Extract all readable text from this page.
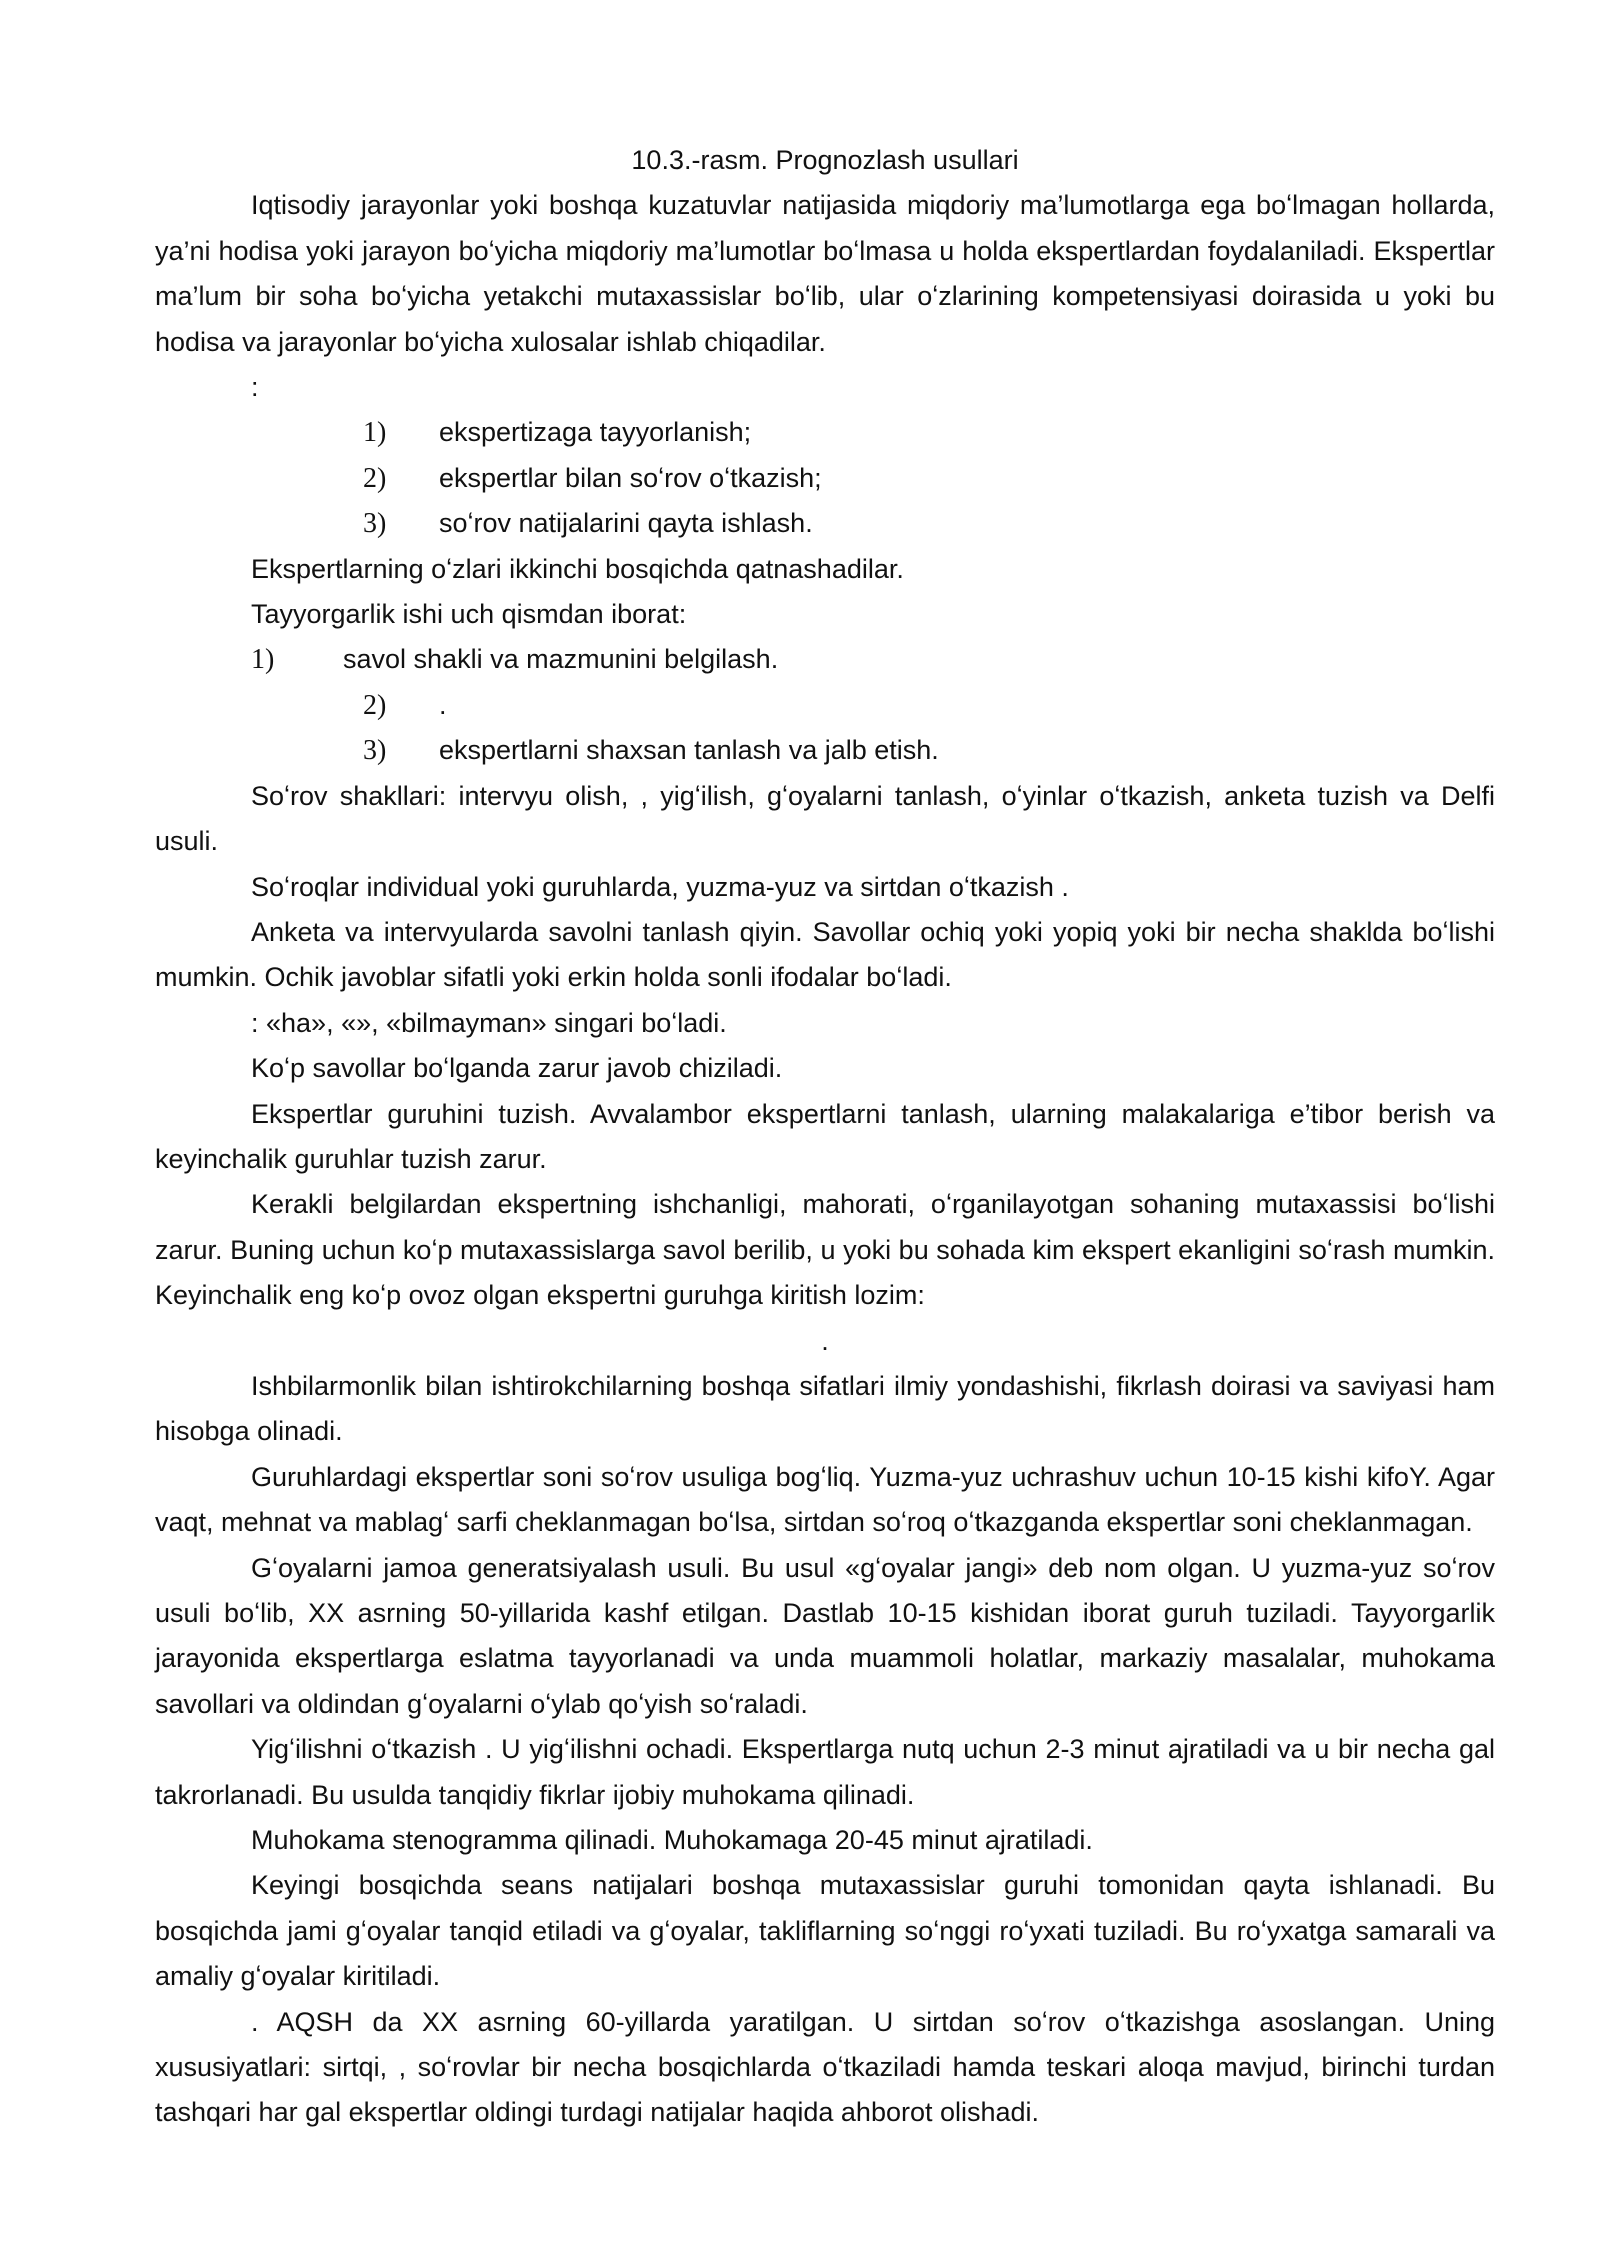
10.3.-rasm. Prognozlash usullari

Iqtisodiy jarayonlar yoki boshqa kuzatuvlar natijasida miqdoriy ma’lumotlarga ega boʻlmagan hollarda, ya’ni hodisa yoki jarayon boʻyicha miqdoriy ma’lumotlar boʻlmasa u holda ekspertlardan foydalaniladi. Ekspertlar ma’lum bir soha boʻyicha yetakchi mutaxassislar boʻlib, ular oʻzlarining kompetensiyasi doirasida u yoki bu hodisa va jarayonlar boʻyicha xulosalar ishlab chiqadilar.

:

1)	ekspertizaga tayyorlanish;
2)	ekspertlar bilan soʻrov oʻtkazish;
3)	soʻrov natijalarini qayta ishlash.

Ekspertlarning oʻzlari ikkinchi bosqichda qatnashadilar.

Tayyorgarlik ishi uch qismdan iborat:

1)	savol shakli va mazmunini belgilash.
2)	.
3)	ekspertlarni shaxsan tanlash va jalb etish.

Soʻrov shakllari: intervyu olish, , yigʻilish, gʻoyalarni tanlash, oʻyinlar oʻtkazish, anketa tuzish va Delfi usuli.

Soʻroqlar individual yoki guruhlarda, yuzma-yuz va sirtdan oʻtkazish .

Anketa va intervyularda savolni tanlash qiyin. Savollar ochiq yoki yopiq yoki bir necha shaklda boʻlishi mumkin. Ochik javoblar sifatli yoki erkin holda sonli ifodalar boʻladi.

: «ha», «», «bilmayman» singari boʻladi.

Koʻp savollar boʻlganda zarur javob chiziladi.

Ekspertlar guruhini tuzish. Avvalambor ekspertlarni tanlash, ularning malakalariga e’tibor berish va keyinchalik guruhlar tuzish zarur.

Kerakli belgilardan ekspertning ishchanligi, mahorati, oʻrganilayotgan sohaning mutaxassisi boʻlishi zarur. Buning uchun koʻp mutaxassislarga savol berilib, u yoki bu sohada kim ekspert ekanligini soʻrash mumkin. Keyinchalik eng koʻp ovoz olgan ekspertni guruhga kiritish lozim:

.

Ishbilarmonlik bilan ishtirokchilarning boshqa sifatlari ilmiy yondashishi, fikrlash doirasi va saviyasi ham hisobga olinadi.

Guruhlardagi ekspertlar soni soʻrov usuliga bogʻliq. Yuzma-yuz uchrashuv uchun 10-15 kishi kifoY. Agar vaqt, mehnat va mablagʻ sarfi cheklanmagan boʻlsa, sirtdan soʻroq oʻtkazganda ekspertlar soni cheklanmagan.

Gʻoyalarni jamoa generatsiyalash usuli. Bu usul «gʻoyalar jangi» deb nom olgan. U yuzma-yuz soʻrov usuli boʻlib, XX asrning 50-yillarida kashf etilgan. Dastlab 10-15 kishidan iborat guruh tuziladi. Tayyorgarlik jarayonida ekspertlarga eslatma tayyorlanadi va unda muammoli holatlar, markaziy masalalar, muhokama savollari va oldindan gʻoyalarni oʻylab qoʻyish soʻraladi.

Yigʻilishni oʻtkazish . U yigʻilishni ochadi. Ekspertlarga nutq uchun 2-3 minut ajratiladi va u bir necha gal takrorlanadi. Bu usulda tanqidiy fikrlar ijobiy muhokama qilinadi.

Muhokama stenogramma qilinadi. Muhokamaga 20-45 minut ajratiladi.

Keyingi bosqichda seans natijalari boshqa mutaxassislar guruhi tomonidan qayta ishlanadi. Bu bosqichda jami gʻoyalar tanqid etiladi va gʻoyalar, takliflarning soʻnggi roʻyxati tuziladi. Bu roʻyxatga samarali va amaliy gʻoyalar kiritiladi.

. AQSH da XX asrning 60-yillarda yaratilgan. U sirtdan soʻrov oʻtkazishga asoslangan. Uning xususiyatlari: sirtqi, , soʻrovlar bir necha bosqichlarda oʻtkaziladi hamda teskari aloqa mavjud, birinchi turdan tashqari har gal ekspertlar oldingi turdagi natijalar haqida ahborot olishadi.
